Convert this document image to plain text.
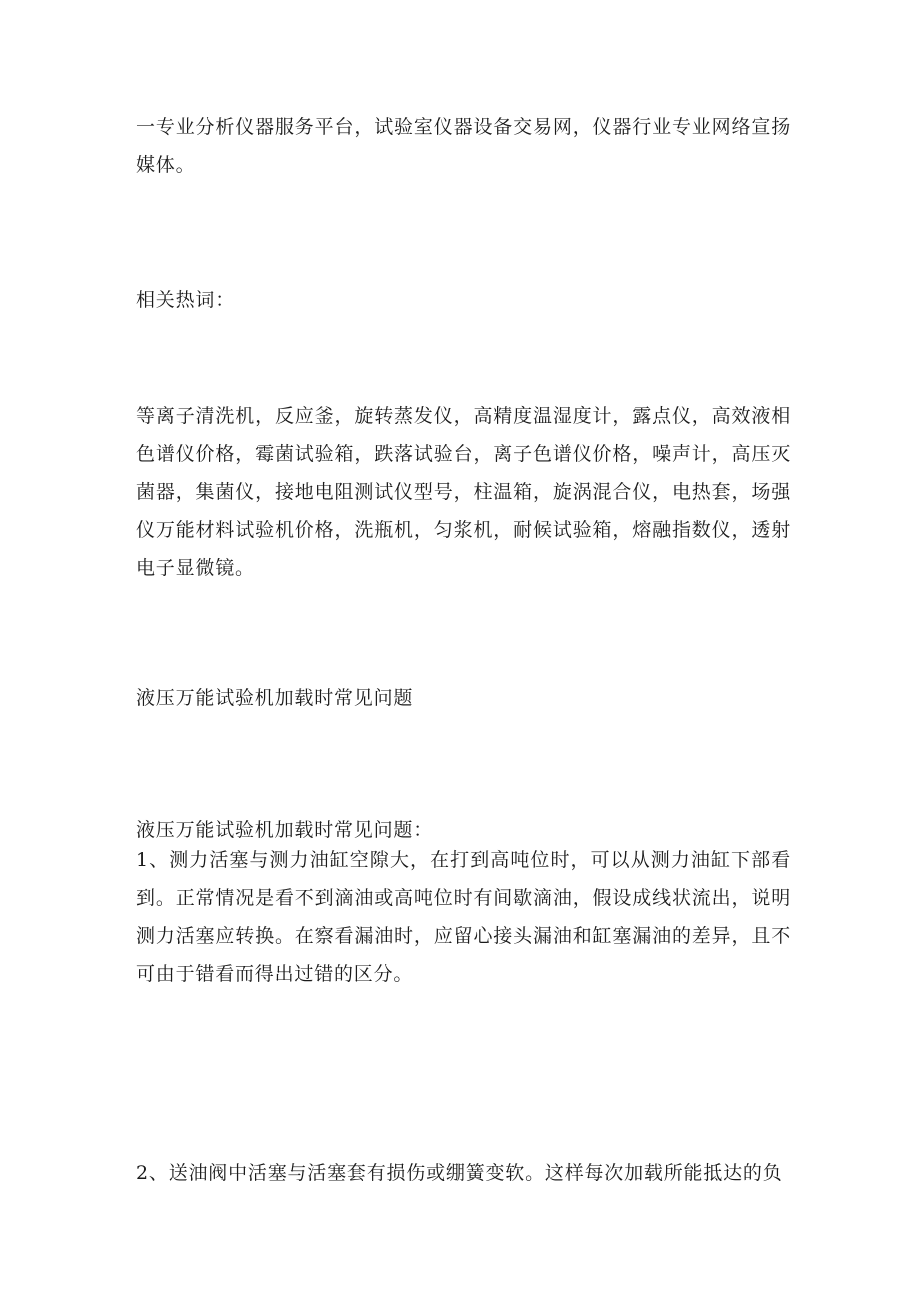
一专业分析仪器服务平台，试验室仪器设备交易网，仪器行业专业网络宣扬媒体。

相关热词：

等离子清洗机，反应釜，旋转蒸发仪，高精度温湿度计，露点仪，高效液相色谱仪价格，霉菌试验箱，跌落试验台，离子色谱仪价格，噪声计，高压灭菌器，集菌仪，接地电阻测试仪型号，柱温箱，旋涡混合仪，电热套，场强仪万能材料试验机价格，洗瓶机，匀浆机，耐候试验箱，熔融指数仪，透射电子显微镜。

液压万能试验机加载时常见问题

液压万能试验机加载时常见问题：

1、测力活塞与测力油缸空隙大，在打到高吨位时，可以从测力油缸下部看到。正常情况是看不到滴油或高吨位时有间歇滴油，假设成线状流出，说明测力活塞应转换。在察看漏油时，应留心接头漏油和缸塞漏油的差异，且不可由于错看而得出过错的区分。

2、送油阀中活塞与活塞套有损伤或绷簧变软。这样每次加载所能抵达的负
